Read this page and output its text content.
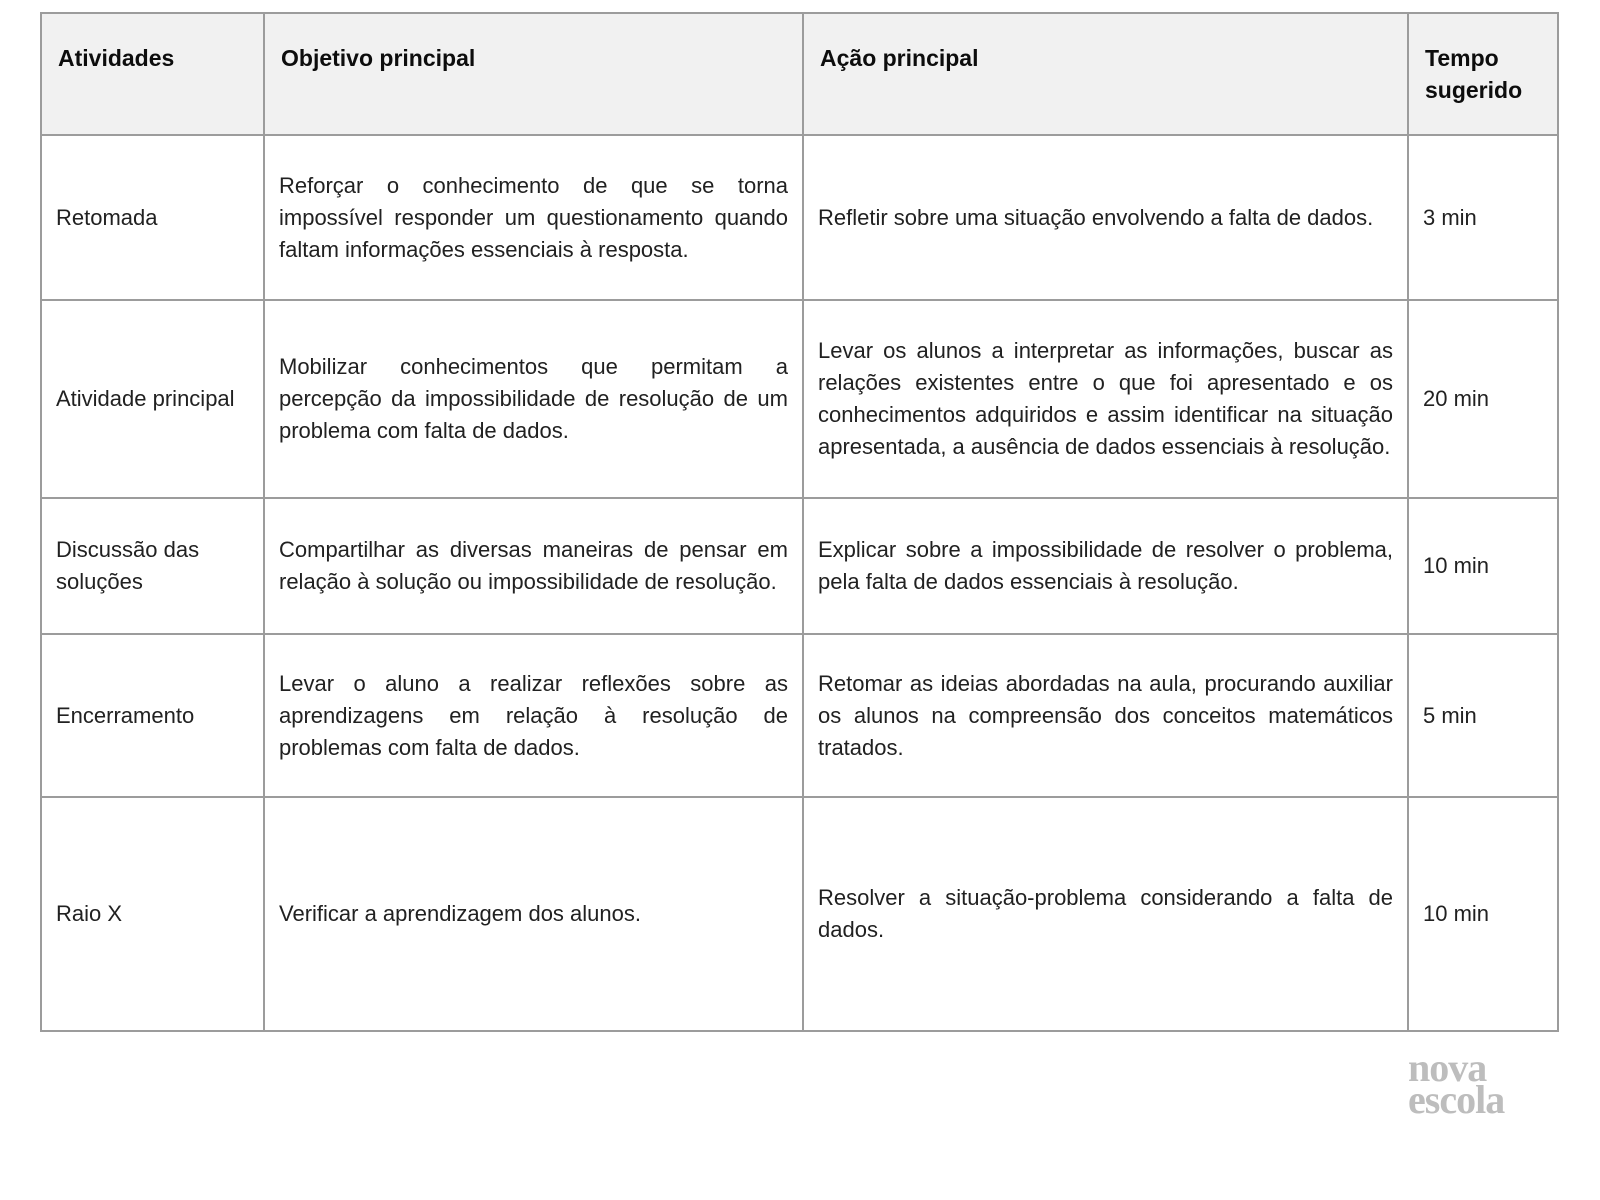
Atividades	Objetivo principal	Ação principal	Tempo sugerido
Retomada	Reforçar o conhecimento de que se torna impossível responder um questionamento quando faltam informações essenciais à resposta.	Refletir sobre uma situação envolvendo a falta de dados.	3 min
Atividade principal	Mobilizar conhecimentos que permitam a percepção da impossibilidade de resolução de um problema com falta de dados.	Levar os alunos a interpretar as informações, buscar as relações existentes entre o que foi apresentado e os conhecimentos adquiridos e assim identificar na situação apresentada, a ausência de dados essenciais à resolução.	20 min
Discussão das soluções	Compartilhar as diversas maneiras de pensar em relação à solução ou impossibilidade de resolução.	Explicar sobre a impossibilidade de resolver o problema, pela falta de dados essenciais à resolução.	10 min
Encerramento	Levar o aluno a realizar reflexões sobre as aprendizagens em relação à resolução de problemas com falta de dados.	Retomar as ideias abordadas na aula, procurando auxiliar os alunos na compreensão dos conceitos matemáticos tratados.	5 min
Raio X	Verificar a aprendizagem dos alunos.	Resolver a situação-problema considerando a falta de dados.	10 min
nova
escola
